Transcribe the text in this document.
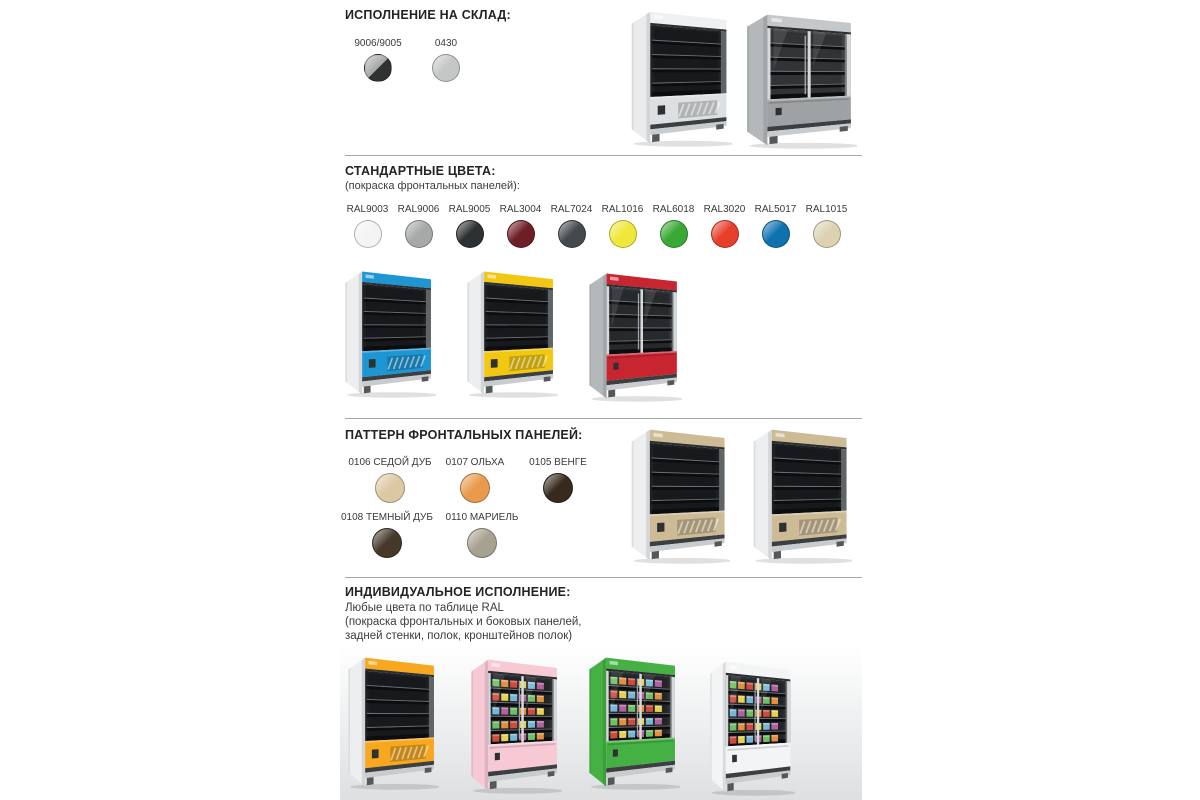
ИСПОЛНЕНИЕ НА СКЛАД:
9006/9005	0430
СТАНДАРТНЫЕ ЦВЕТА:
(покраска фронтальных панелей):
RAL9003 RAL9006 RAL9005 RAL3004 RAL7024 RAL1016 RAL6018 RAL3020 RAL5017 RAL1015
ПАТТЕРН ФРОНТАЛЬНЫХ ПАНЕЛЕЙ:
0106 СЕДОЙ ДУБ 0107 ОЛЬХА 0105 ВЕНГЕ
0108 ТЕМНЫЙ ДУБ 0110 МАРИЕЛЬ
ИНДИВИДУАЛЬНОЕ ИСПОЛНЕНИЕ:
Любые цвета по таблице RAL
(покраска фронтальных и боковых панелей,
задней стенки, полок, кронштейнов полок)
